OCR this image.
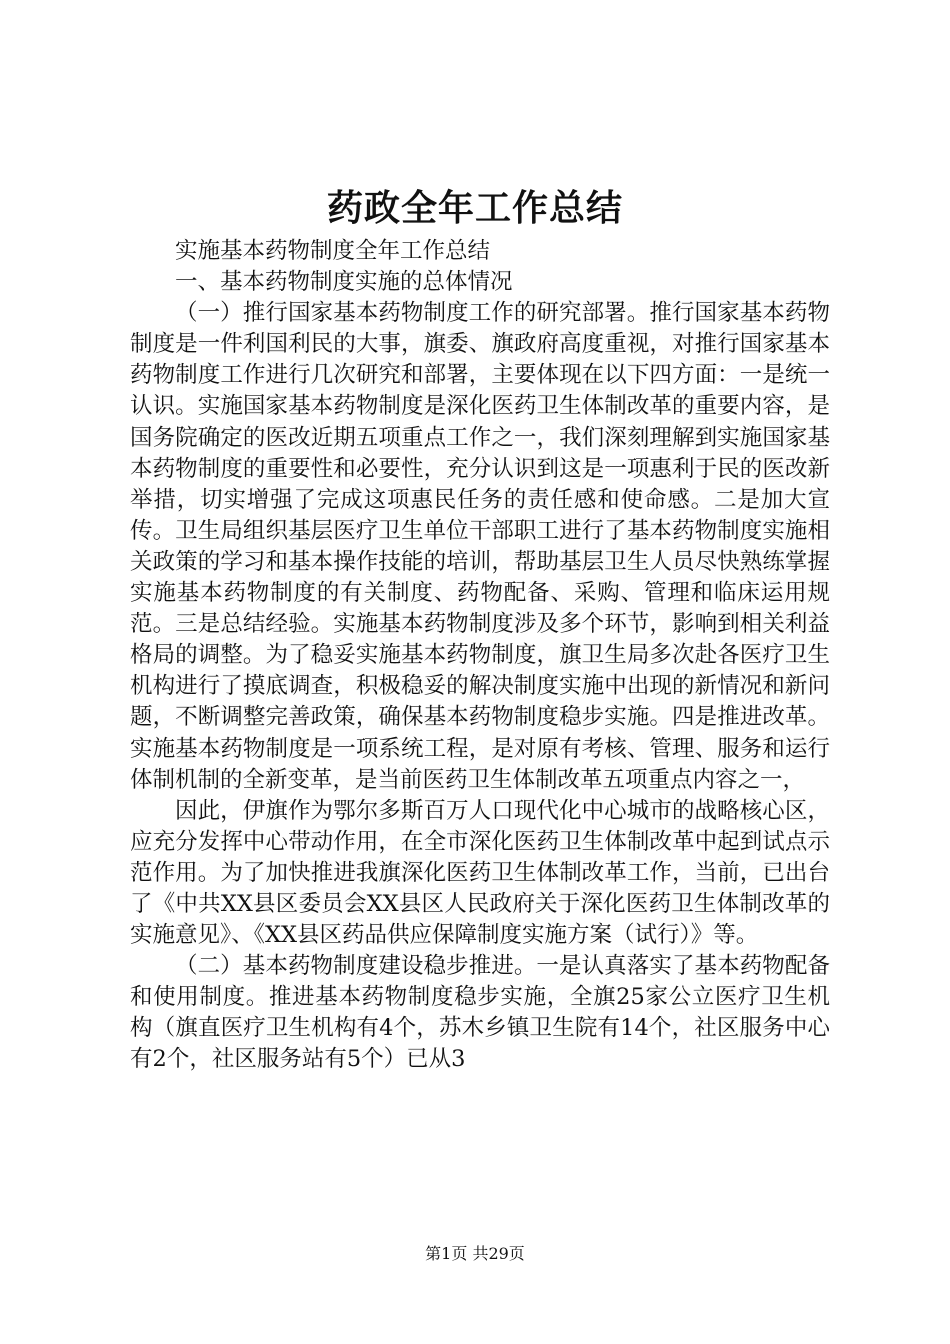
药政全年工作总结

实施基本药物制度全年工作总结

一、基本药物制度实施的总体情况

（一）推行国家基本药物制度工作的研究部署。推行国家基本药物制度是一件利国利民的大事，旗委、旗政府高度重视，对推行国家基本药物制度工作进行几次研究和部署，主要体现在以下四方面：一是统一认识。实施国家基本药物制度是深化医药卫生体制改革的重要内容，是国务院确定的医改近期五项重点工作之一，我们深刻理解到实施国家基本药物制度的重要性和必要性，充分认识到这是一项惠利于民的医改新举措，切实增强了完成这项惠民任务的责任感和使命感。二是加大宣传。卫生局组织基层医疗卫生单位干部职工进行了基本药物制度实施相关政策的学习和基本操作技能的培训，帮助基层卫生人员尽快熟练掌握实施基本药物制度的有关制度、药物配备、采购、管理和临床运用规范。三是总结经验。实施基本药物制度涉及多个环节，影响到相关利益格局的调整。为了稳妥实施基本药物制度，旗卫生局多次赴各医疗卫生机构进行了摸底调查，积极稳妥的解决制度实施中出现的新情况和新问题，不断调整完善政策，确保基本药物制度稳步实施。四是推进改革。实施基本药物制度是一项系统工程，是对原有考核、管理、服务和运行体制机制的全新变革，是当前医药卫生体制改革五项重点内容之一，

因此，伊旗作为鄂尔多斯百万人口现代化中心城市的战略核心区，应充分发挥中心带动作用，在全市深化医药卫生体制改革中起到试点示范作用。为了加快推进我旗深化医药卫生体制改革工作，当前，已出台了《中共XX县区委员会XX县区人民政府关于深化医药卫生体制改革的实施意见》、《XX县区药品供应保障制度实施方案（试行）》等。

（二）基本药物制度建设稳步推进。一是认真落实了基本药物配备和使用制度。推进基本药物制度稳步实施，全旗25家公立医疗卫生机构（旗直医疗卫生机构有4个，苏木乡镇卫生院有14个，社区服务中心有2个，社区服务站有5个）已从3

第1页 共29页
